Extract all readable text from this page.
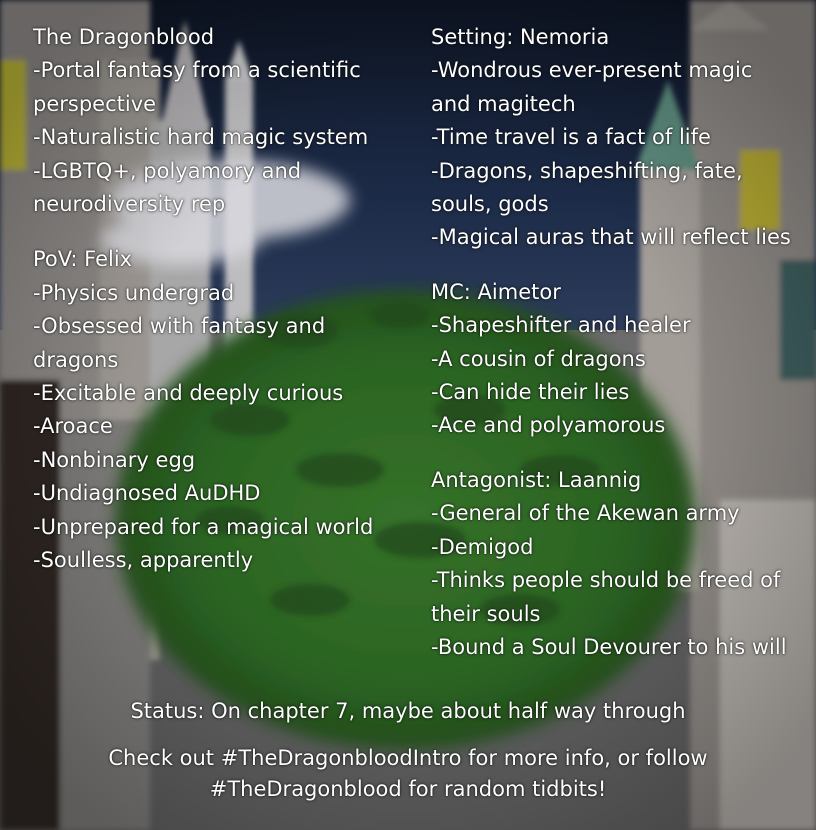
The Dragonblood

-Portal fantasy from a scientific

perspective

-Naturalistic hard magic system

-LGBTQ+, polyamory and

neurodiversity rep

PoV: Felix

-Physics undergrad

-Obsessed with fantasy and

dragons

-Excitable and deeply curious

-Aroace

-Nonbinary egg

-Undiagnosed AuDHD

-Unprepared for a magical world

-Soulless, apparently

Setting: Nemoria

-Wondrous ever-present magic

and magitech

-Time travel is a fact of life

-Dragons, shapeshifting, fate,

souls, gods

-Magical auras that will reflect lies

MC: Aimetor

-Shapeshifter and healer

-A cousin of dragons

-Can hide their lies

-Ace and polyamorous

Antagonist: Laannig

-General of the Akewan army

-Demigod

-Thinks people should be freed of

their souls

-Bound a Soul Devourer to his will

Status: On chapter 7, maybe about half way through

Check out #TheDragonbloodIntro for more info, or follow

#TheDragonblood for random tidbits!
